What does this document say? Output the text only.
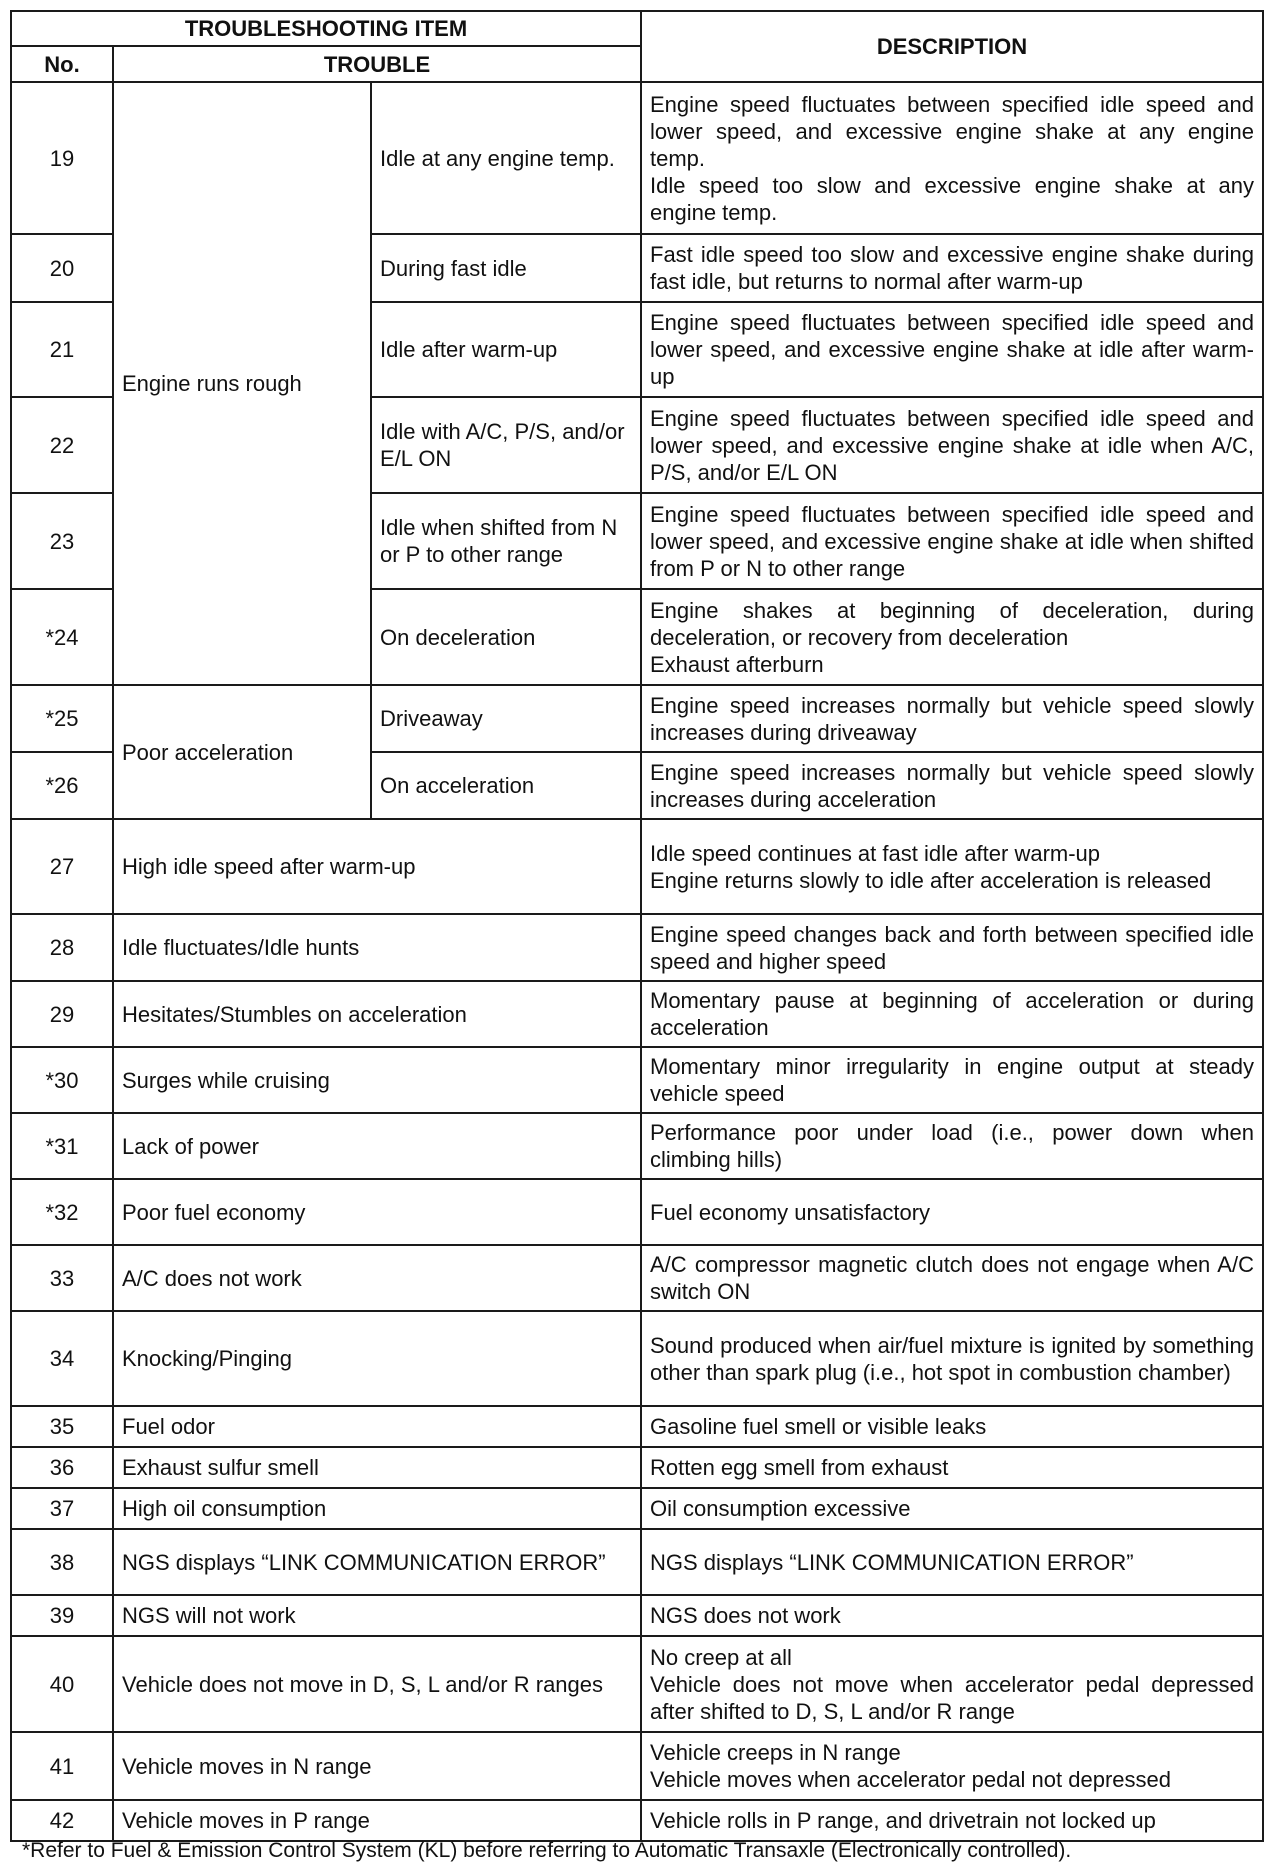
TROUBLESHOOTING ITEM			DESCRIPTION
No.	TROUBLE		
19	Engine runs rough	Idle at any engine temp.	Engine speed fluctuates between specified idle speed and lower speed, and excessive engine shake at any engine temp.
Idle speed too slow and excessive engine shake at any engine temp.
20		During fast idle	Fast idle speed too slow and excessive engine shake during fast idle, but returns to normal after warm-up
21		Idle after warm-up	Engine speed fluctuates between specified idle speed and lower speed, and excessive engine shake at idle after warm-up
22		Idle with A/C, P/S, and/or E/L ON	Engine speed fluctuates between specified idle speed and lower speed, and excessive engine shake at idle when A/C, P/S, and/or E/L ON
23		Idle when shifted from N or P to other range	Engine speed fluctuates between specified idle speed and lower speed, and excessive engine shake at idle when shifted from P or N to other range
*24		On deceleration	Engine shakes at beginning of deceleration, during deceleration, or recovery from deceleration
Exhaust afterburn
*25	Poor acceleration	Driveaway	Engine speed increases normally but vehicle speed slowly increases during driveaway
*26		On acceleration	Engine speed increases normally but vehicle speed slowly increases during acceleration
27	High idle speed after warm-up		Idle speed continues at fast idle after warm-up
Engine returns slowly to idle after acceleration is released
28	Idle fluctuates/Idle hunts		Engine speed changes back and forth between specified idle speed and higher speed
29	Hesitates/Stumbles on acceleration		Momentary pause at beginning of acceleration or during acceleration
*30	Surges while cruising		Momentary minor irregularity in engine output at steady vehicle speed
*31	Lack of power		Performance poor under load (i.e., power down when climbing hills)
*32	Poor fuel economy		Fuel economy unsatisfactory
33	A/C does not work		A/C compressor magnetic clutch does not engage when A/C switch ON
34	Knocking/Pinging		Sound produced when air/fuel mixture is ignited by something other than spark plug (i.e., hot spot in combustion chamber)
35	Fuel odor		Gasoline fuel smell or visible leaks
36	Exhaust sulfur smell		Rotten egg smell from exhaust
37	High oil consumption		Oil consumption excessive
38	NGS displays “LINK COMMUNICATION ERROR”		NGS displays “LINK COMMUNICATION ERROR”
39	NGS will not work		NGS does not work
40	Vehicle does not move in D, S, L and/or R ranges		No creep at all
Vehicle does not move when accelerator pedal depressed after shifted to D, S, L and/or R range
41	Vehicle moves in N range		Vehicle creeps in N range
Vehicle moves when accelerator pedal not depressed
42	Vehicle moves in P range		Vehicle rolls in P range, and drivetrain not locked up
*Refer to Fuel & Emission Control System (KL) before referring to Automatic Transaxle (Electronically controlled).
